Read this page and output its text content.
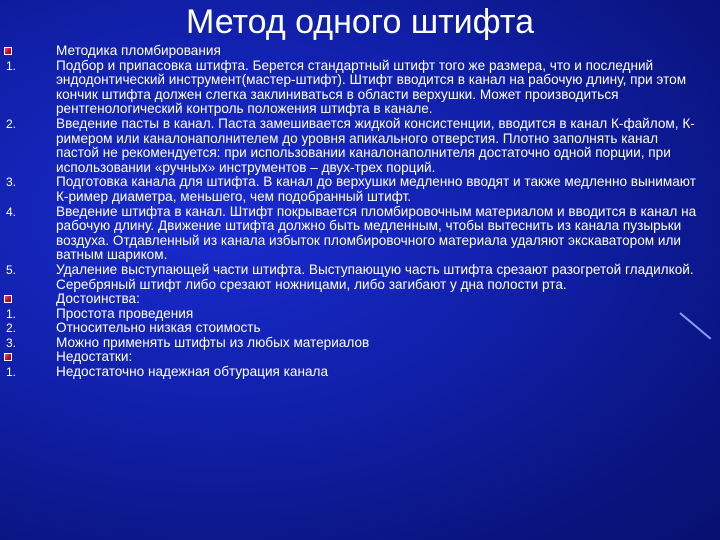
Метод одного штифта
Методика пломбирования
1.	Подбор и припасовка штифта. Берется стандартный штифт того же размера, что и последний эндодонтический инструмент(мастер-штифт). Штифт вводится в канал на рабочую длину, при этом кончик штифта должен слегка заклиниваться в области верхушки. Может производиться рентгенологический контроль положения штифта в канале.
2.	Введение пасты в канал. Паста замешивается жидкой консистенции, вводится в канал К-файлом, К-римером или каналонаполнителем до уровня апикального отверстия. Плотно заполнять канал пастой не рекомендуется: при использовании каналонаполнителя достаточно одной порции, при использовании «ручных» инструментов – двух-трех порций.
3.	Подготовка канала для штифта. В канал до верхушки медленно вводят и также медленно вынимают К-ример диаметра, меньшего, чем подобранный штифт.
4.	Введение штифта в канал. Штифт покрывается пломбировочным материалом и вводится в канал на рабочую длину. Движение штифта должно быть медленным, чтобы вытеснить из канала пузырьки воздуха. Отдавленный из канала избыток пломбировочного материала удаляют экскаватором или ватным шариком.
5.	Удаление выступающей части штифта. Выступающую часть штифта срезают разогретой гладилкой. Серебряный штифт либо срезают ножницами, либо загибают у дна полости рта.
Достоинства:
1.	Простота проведения
2.	Относительно низкая стоимость
3.	Можно применять штифты из любых материалов
Недостатки:
1.	Недостаточно надежная обтурация канала
